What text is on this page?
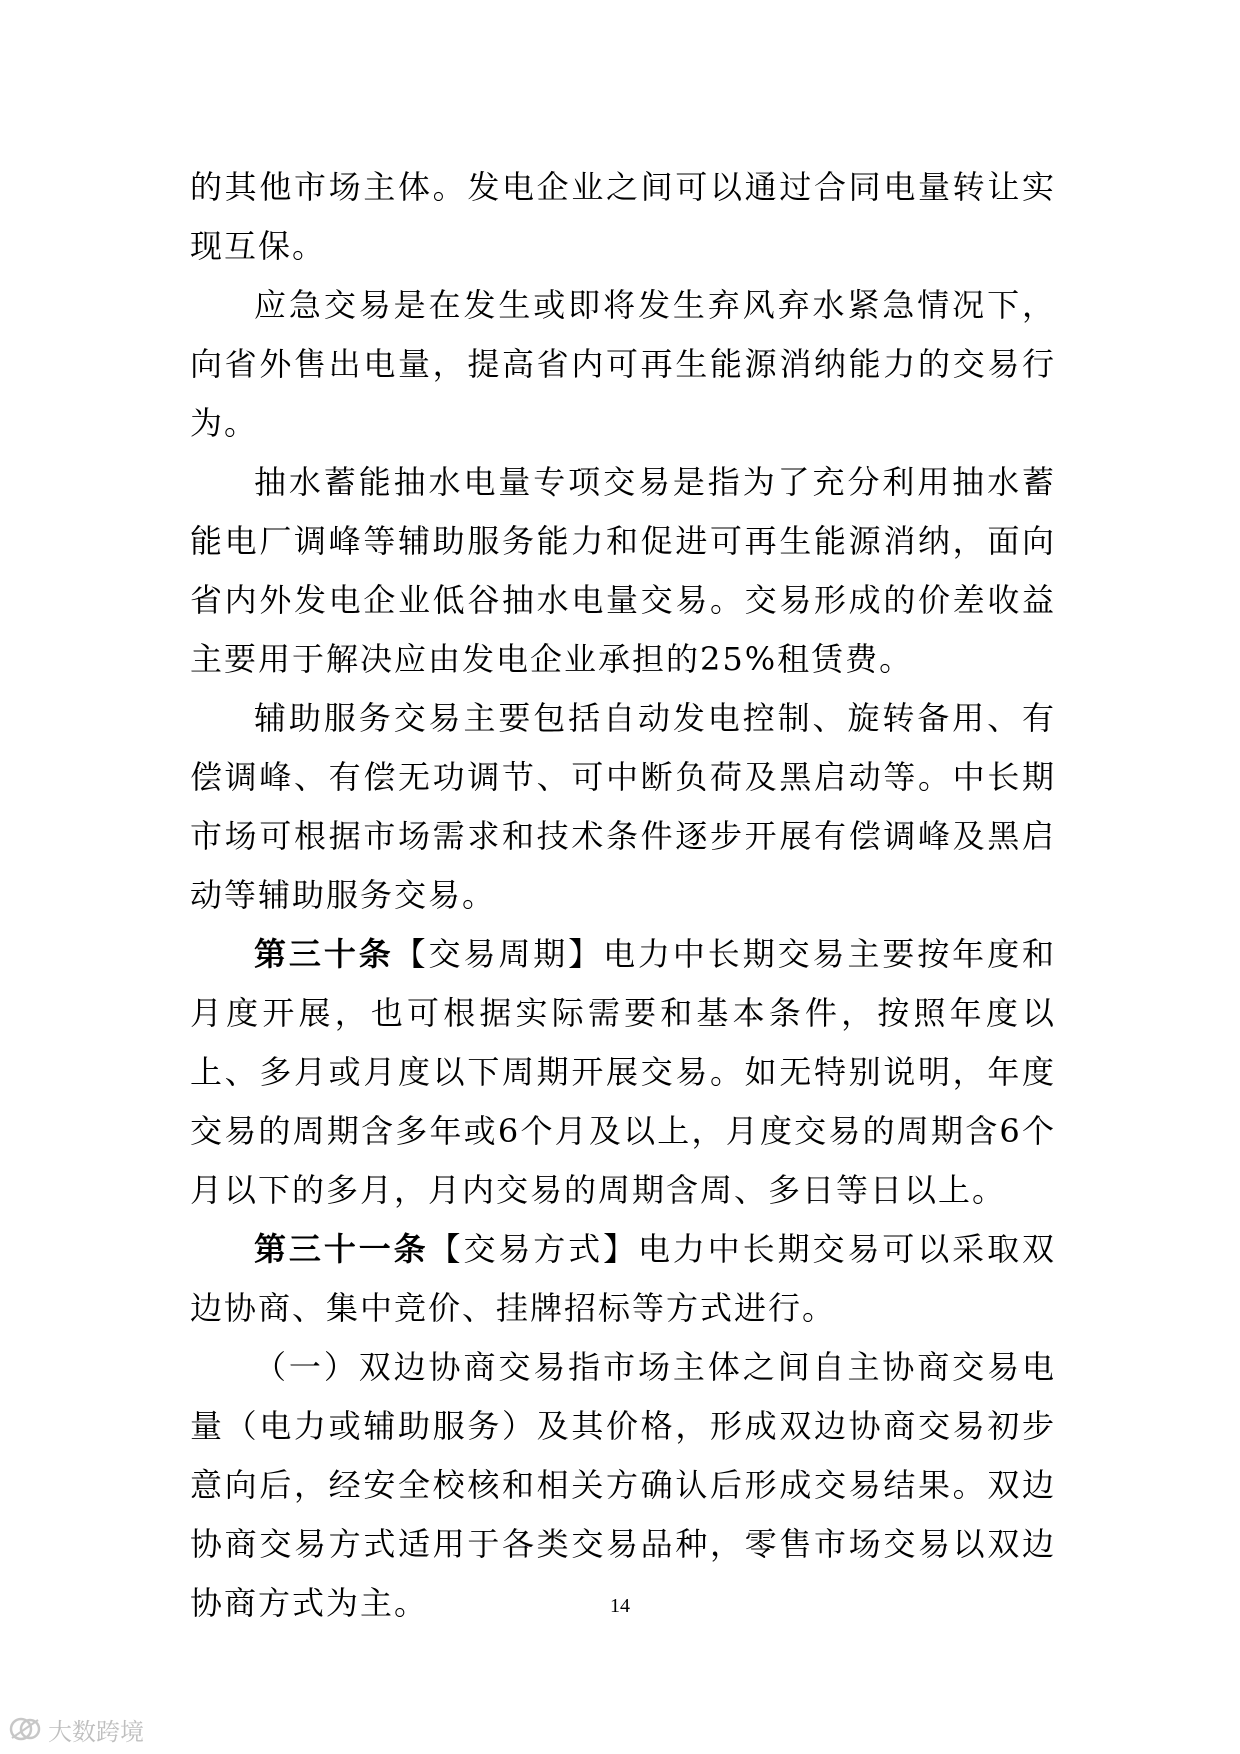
的其他市场主体。发电企业之间可以通过合同电量转让实现互保。

应急交易是在发生或即将发生弃风弃水紧急情况下，向省外售出电量，提高省内可再生能源消纳能力的交易行为。

抽水蓄能抽水电量专项交易是指为了充分利用抽水蓄能电厂调峰等辅助服务能力和促进可再生能源消纳，面向省内外发电企业低谷抽水电量交易。交易形成的价差收益主要用于解决应由发电企业承担的25%租赁费。

辅助服务交易主要包括自动发电控制、旋转备用、有偿调峰、有偿无功调节、可中断负荷及黑启动等。中长期市场可根据市场需求和技术条件逐步开展有偿调峰及黑启动等辅助服务交易。

第三十条【交易周期】电力中长期交易主要按年度和月度开展，也可根据实际需要和基本条件，按照年度以上、多月或月度以下周期开展交易。如无特别说明，年度交易的周期含多年或6个月及以上，月度交易的周期含6个月以下的多月，月内交易的周期含周、多日等日以上。

第三十一条【交易方式】电力中长期交易可以采取双边协商、集中竞价、挂牌招标等方式进行。

（一）双边协商交易指市场主体之间自主协商交易电量（电力或辅助服务）及其价格，形成双边协商交易初步意向后，经安全校核和相关方确认后形成交易结果。双边协商交易方式适用于各类交易品种，零售市场交易以双边协商方式为主。	14
大数跨境
